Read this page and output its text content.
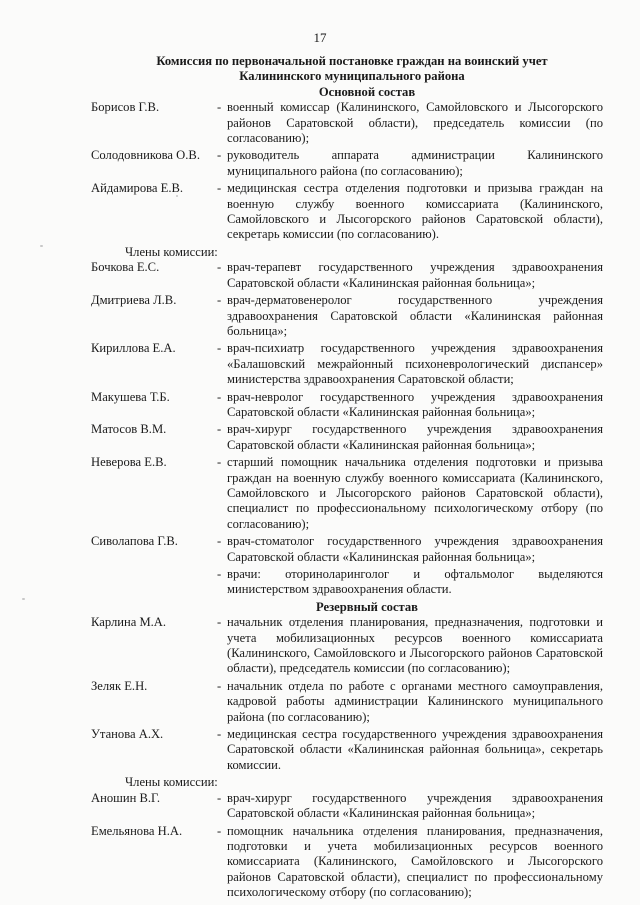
17
Комиссия по первоначальной постановке граждан на воинский учет
Калининского муниципального района
Основной состав
Борисов Г.В.	- военный комиссар (Калининского, Самойловского и Лысогорского районов Саратовской области), председатель комиссии (по согласованию);
Солодовникова О.В.	- руководитель аппарата администрации Калининского муниципального района (по согласованию);
Айдамирова Е.В.	- медицинская сестра отделения подготовки и призыва граждан на военную службу военного комиссариата (Калининского, Самойловского и Лысогорского районов Саратовской области), секретарь комиссии (по согласованию).
Члены комиссии:
Бочкова Е.С.	- врач-терапевт государственного учреждения здравоохранения Саратовской области «Калининская районная больница»;
Дмитриева Л.В.	- врач-дерматовенеролог государственного учреждения здравоохранения Саратовской области «Калининская районная больница»;
Кириллова Е.А.	- врач-психиатр государственного учреждения здравоохранения «Балашовский межрайонный психоневрологический диспансер» министерства здравоохранения Саратовской области;
Макушева Т.Б.	- врач-невролог государственного учреждения здравоохранения Саратовской области «Калининская районная больница»;
Матосов В.М.	- врач-хирург государственного учреждения здравоохранения Саратовской области «Калининская районная больница»;
Неверова Е.В.	- старший помощник начальника отделения подготовки и призыва граждан на военную службу военного комиссариата (Калининского, Самойловского и Лысогорского районов Саратовской области), специалист по профессиональному психологическому отбору (по согласованию);
Сиволапова Г.В.	- врач-стоматолог государственного учреждения здравоохранения Саратовской области «Калининская районная больница»;
- врачи: оториноларинголог и офтальмолог выделяются министерством здравоохранения области.
Резервный состав
Карлина М.А.	- начальник отделения планирования, предназначения, подготовки и учета мобилизационных ресурсов военного комиссариата (Калининского, Самойловского и Лысогорского районов Саратовской области), председатель комиссии (по согласованию);
Зеляк Е.Н.	- начальник отдела по работе с органами местного самоуправления, кадровой работы администрации Калининского муниципального района (по согласованию);
Утанова А.Х.	- медицинская сестра государственного учреждения здравоохранения Саратовской области «Калининская районная больница», секретарь комиссии.
Члены комиссии:
Аношин В.Г.	- врач-хирург государственного учреждения здравоохранения Саратовской области «Калининская районная больница»;
Емельянова Н.А.	- помощник начальника отделения планирования, предназначения, подготовки и учета мобилизационных ресурсов военного комиссариата (Калининского, Самойловского и Лысогорского районов Саратовской области), специалист по профессиональному психологическому отбору (по согласованию);
